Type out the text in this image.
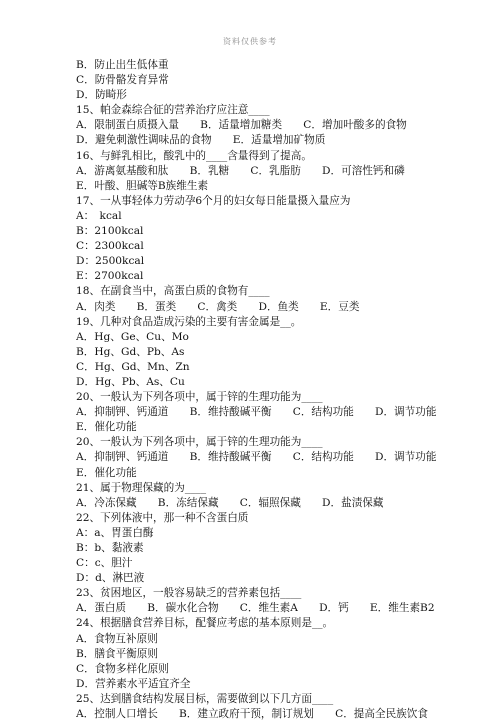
资料仅供参考
B．防止出生低体重
C．防骨骼发育异常
D．防畸形
15、帕金森综合征的营养治疗应注意____
A．限制蛋白质摄入量　　B．适量增加糖类　　C．增加叶酸多的食物
D．避免刺激性调味品的食物　　E．适量增加矿物质
16、与鲜乳相比，酸乳中的____含量得到了提高。
A．游离氨基酸和肽　　B．乳糖　　C．乳脂肪　　D．可溶性钙和磷
E．叶酸、胆碱等B族维生素
17、一从事轻体力劳动孕6个月的妇女每日能量摄入量应为
A：　kcal
B：2100kcal
C：2300kcal
D：2500kcal
E：2700kcal
18、在副食当中，高蛋白质的食物有____
A．肉类　　B．蛋类　　C．禽类　　D．鱼类　　E．豆类
19、几种对食品造成污染的主要有害金属是__。
A．Hg、Ge、Cu、Mo
B．Hg、Gd、Pb、As
C．Hg、Gd、Mn、Zn
D．Hg、Pb、As、Cu
20、一般认为下列各项中，属于锌的生理功能为____
A．抑制钾、钙通道　　B．维持酸碱平衡　　C．结构功能　　D．调节功能
E．催化功能
20、一般认为下列各项中，属于锌的生理功能为____
A．抑制钾、钙通道　　B．维持酸碱平衡　　C．结构功能　　D．调节功能
E．催化功能
21、属于物理保藏的为____
A．冷冻保藏　　B．冻结保藏　　C．辐照保藏　　D．盐渍保藏
22、下列体液中，那一种不含蛋白质
A：a、胃蛋白酶
B：b、黏液素
C：c、胆汁
D：d、淋巴液
23、贫困地区，一般容易缺乏的营养素包括____
A．蛋白质　　B．碳水化合物　　C．维生素A　　D．钙　　E．维生素B2
24、根据膳食营养目标，配餐应考虑的基本原则是__。
A．食物互补原则
B．膳食平衡原则
C．食物多样化原则
D．营养素水平适宜齐全
25、达到膳食结构发展目标，需要做到以下几方面____
A．控制人口增长　　B．建立政府干预，制订规划　　C．提高全民族饮食
